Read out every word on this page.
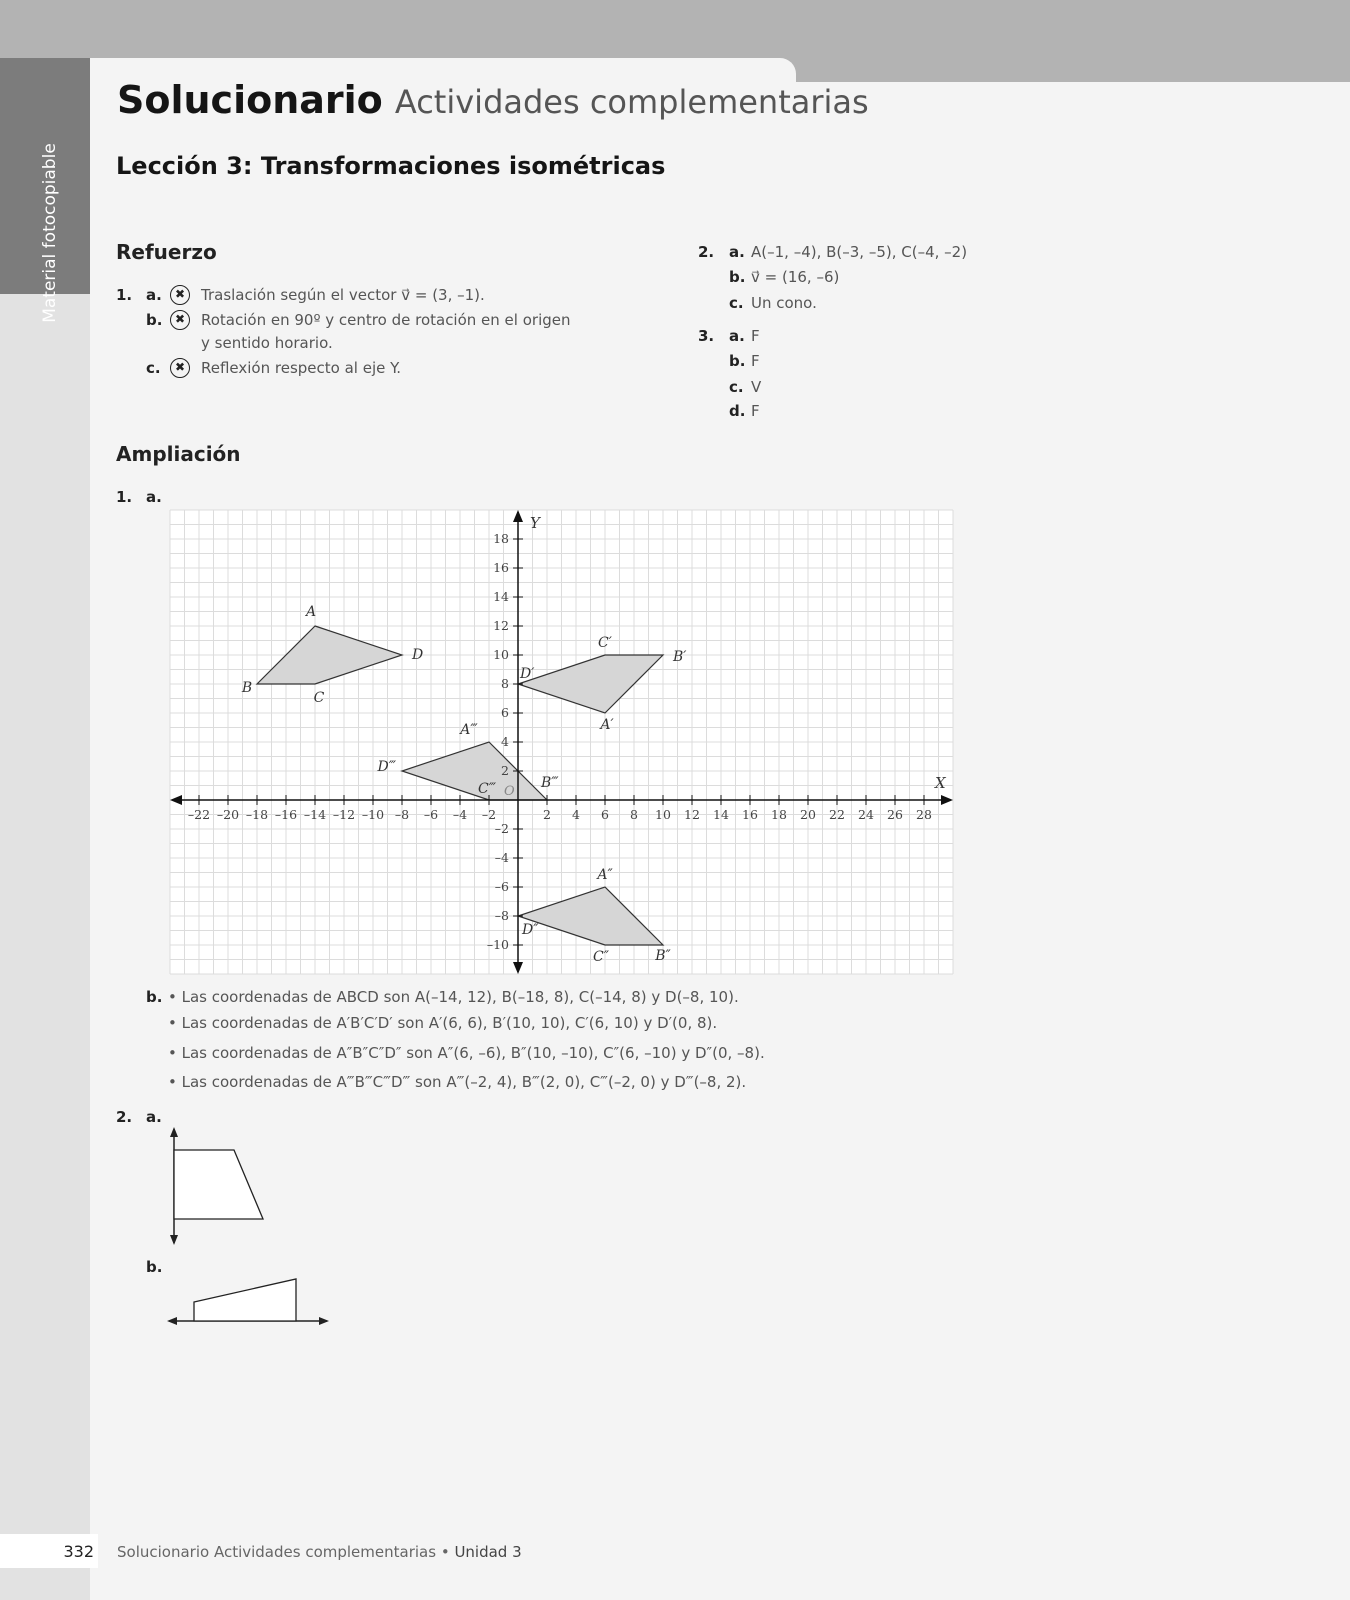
Material fotocopiable
Solucionario Actividades complementarias
Lección 3: Transformaciones isométricas
Refuerzo
1. a.	✖	Traslación según el vector v⃗ = (3, –1).
b.	✖	Rotación en 90º y centro de rotación en el origen
y sentido horario.
c.	✖	Reflexión respecto al eje Y.
2. a. A(–1, –4), B(–3, –5), C(–4, –2)
b. v⃗ = (16, –6)
c. Un cono.
3. a. F
b. F
c. V
d. F
Ampliación
1. a.
–22 –20 –18 –16 –14 –12 –10 –8 –6 –4 –2	2 4 6 8 10 12 14 16 18 20 22 24 26 28
–10
–8
–6
–4
–2
2
4
6
8
10
12
14
16
18
O	X
Y
A
D
C
B
A′
B′
C′
D′
A″
B″
C″
D″
A‴
B‴
C‴
D‴
b. • Las coordenadas de ABCD son A(–14, 12), B(–18, 8), C(–14, 8) y D(–8, 10).
• Las coordenadas de A′B′C′D′ son A′(6, 6), B′(10, 10), C′(6, 10) y D′(0, 8).
• Las coordenadas de A″B″C″D″ son A″(6, –6), B″(10, –10), C″(6, –10) y D″(0, –8).
• Las coordenadas de A‴B‴C‴D‴ son A‴(–2, 4), B‴(2, 0), C‴(–2, 0) y D‴(–8, 2).
2. a.
b.
332 Solucionario Actividades complementarias • Unidad 3
